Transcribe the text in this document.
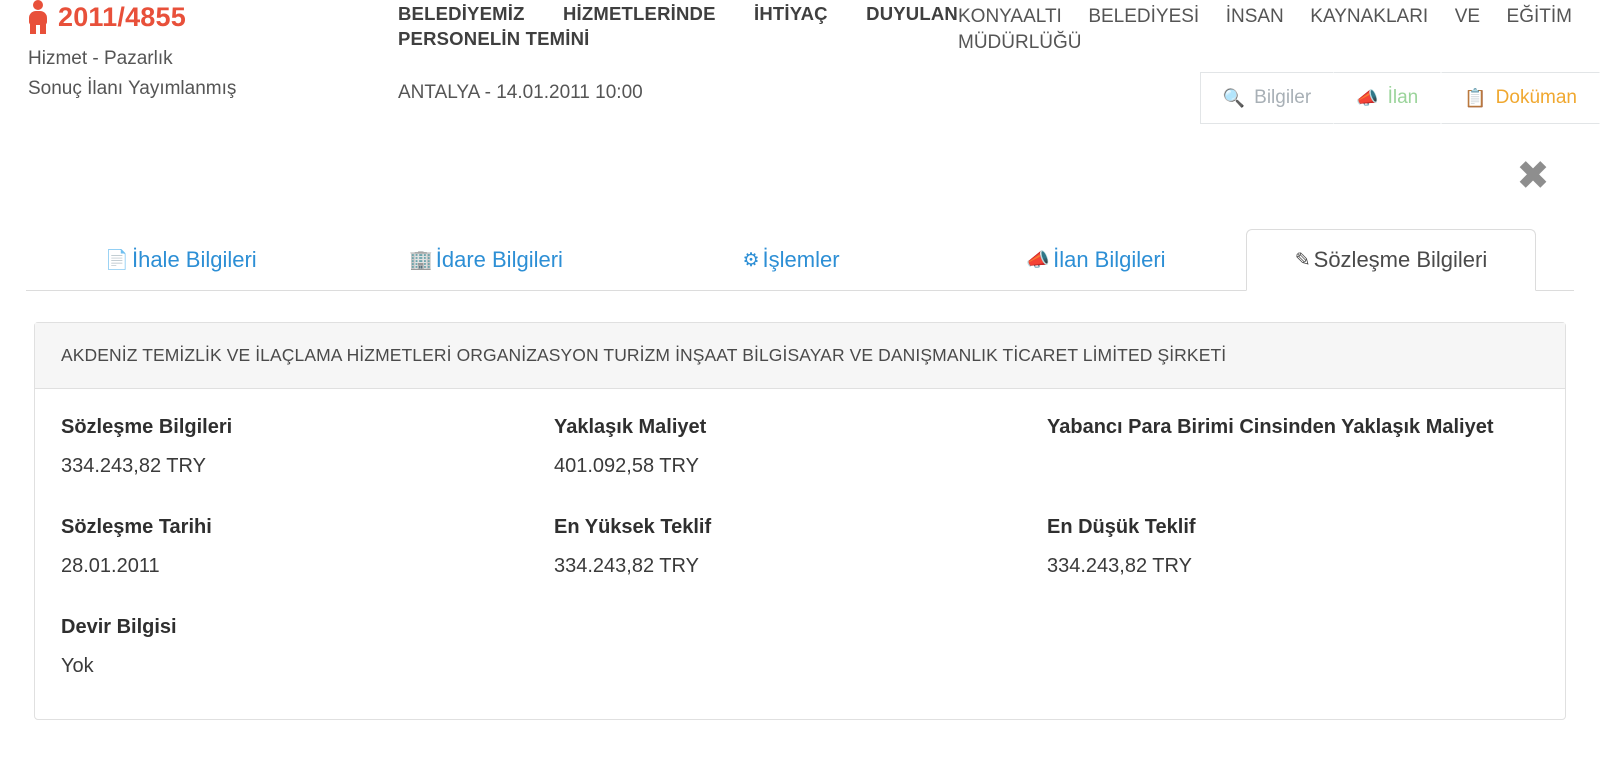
2011/4855
Hizmet - Pazarlık
Sonuç İlanı Yayımlanmış
BELEDİYEMİZ HİZMETLERİNDE İHTİYAÇ DUYULAN PERSONELİN TEMİNİ
ANTALYA - 14.01.2011 10:00
KONYAALTI BELEDİYESİ İNSAN KAYNAKLARI VE EĞİTİM MÜDÜRLÜĞÜ
🔍 Bilgiler	📣 İlan	📋 Doküman
✖
📄 İhale Bilgileri	🏢 İdare Bilgileri	⚙ İşlemler	📣 İlan Bilgileri	✎ Sözleşme Bilgileri
AKDENİZ TEMİZLİK VE İLAÇLAMA HİZMETLERİ ORGANİZASYON TURİZM İNŞAAT BİLGİSAYAR VE DANIŞMANLIK TİCARET LİMİTED ŞİRKETİ
Sözleşme Bilgileri
334.243,82 TRY
Yaklaşık Maliyet
401.092,58 TRY
Yabancı Para Birimi Cinsinden Yaklaşık Maliyet
Sözleşme Tarihi
28.01.2011
En Yüksek Teklif
334.243,82 TRY
En Düşük Teklif
334.243,82 TRY
Devir Bilgisi
Yok
